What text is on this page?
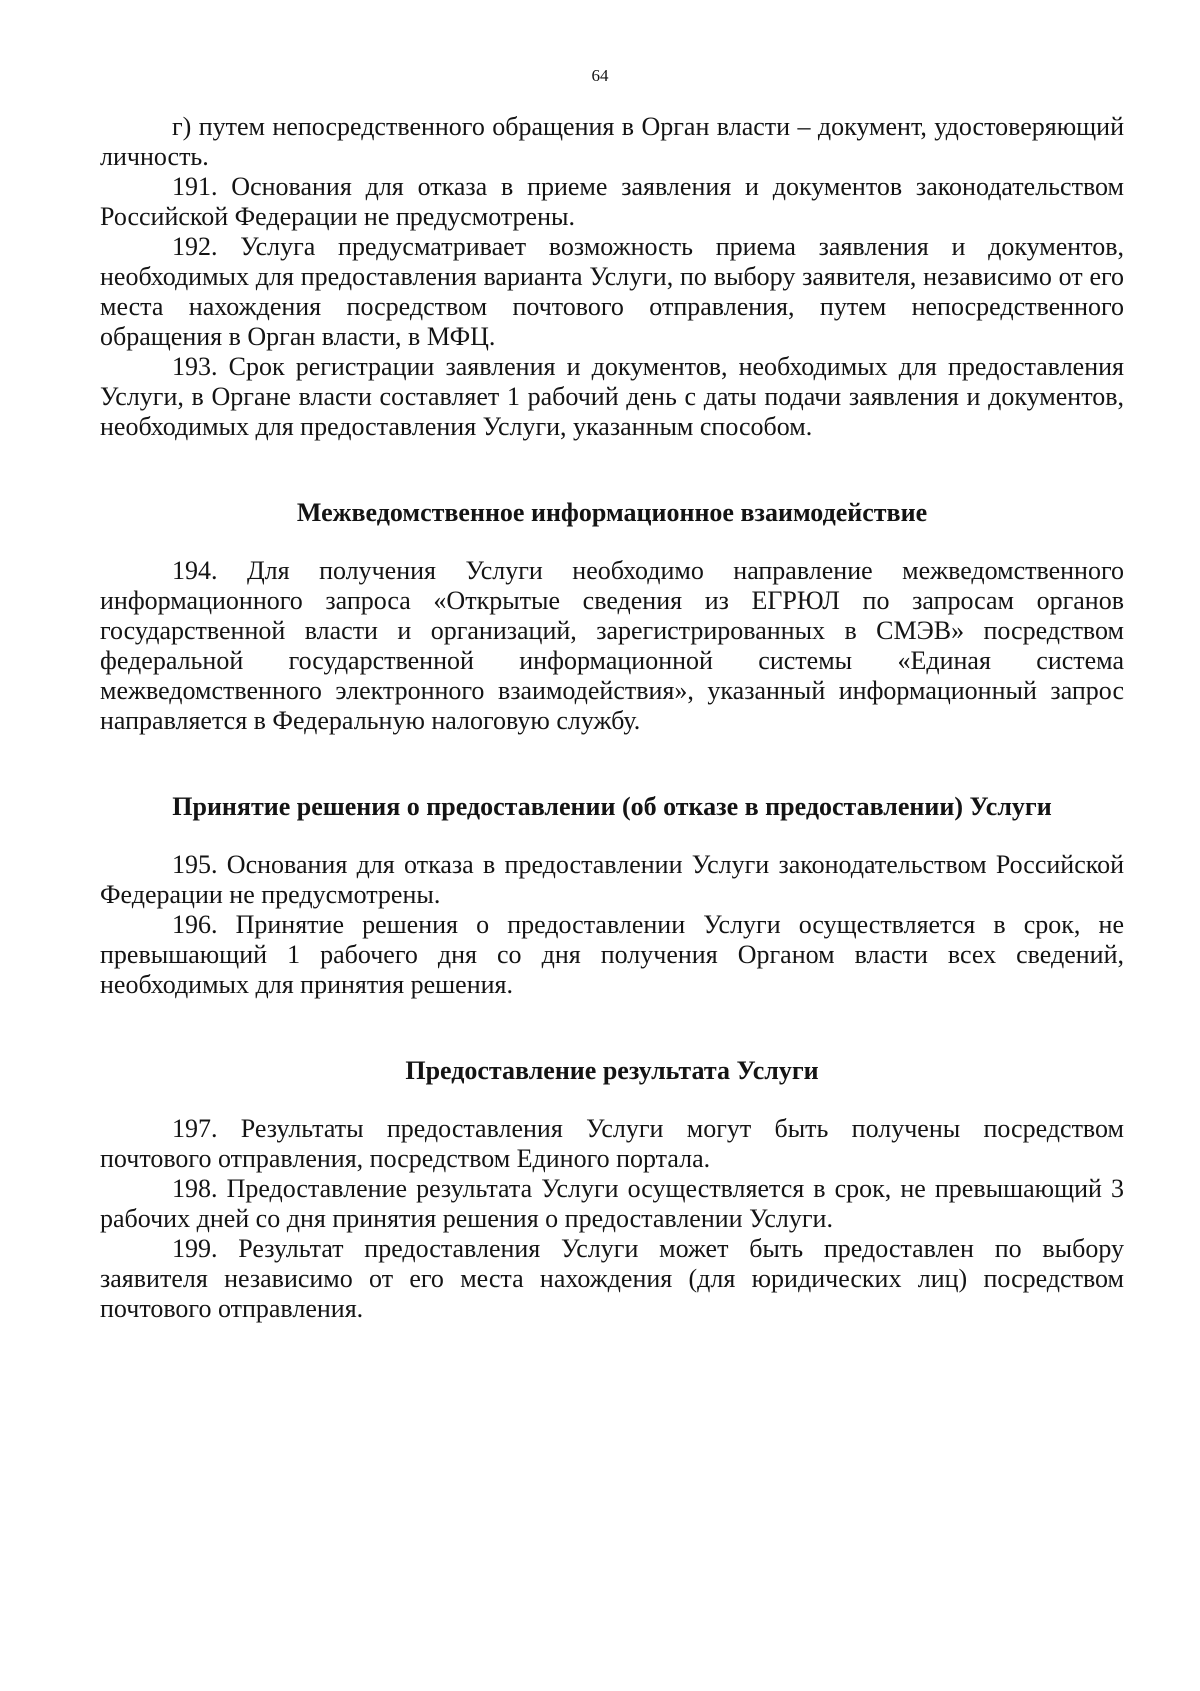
64

г) путем непосредственного обращения в Орган власти – документ, удостоверяющий личность.

191. Основания для отказа в приеме заявления и документов законодательством Российской Федерации не предусмотрены.

192. Услуга предусматривает возможность приема заявления и документов, необходимых для предоставления варианта Услуги, по выбору заявителя, независимо от его места нахождения посредством почтового отправления, путем непосредственного обращения в Орган власти, в МФЦ.

193. Срок регистрации заявления и документов, необходимых для предоставления Услуги, в Органе власти составляет 1 рабочий день с даты подачи заявления и документов, необходимых для предоставления Услуги, указанным способом.

Межведомственное информационное взаимодействие

194. Для получения Услуги необходимо направление межведомственного информационного запроса «Открытые сведения из ЕГРЮЛ по запросам органов государственной власти и организаций, зарегистрированных в СМЭВ» посредством федеральной государственной информационной системы «Единая система межведомственного электронного взаимодействия», указанный информационный запрос направляется в Федеральную налоговую службу.

Принятие решения о предоставлении (об отказе в предоставлении) Услуги

195. Основания для отказа в предоставлении Услуги законодательством Российской Федерации не предусмотрены.

196. Принятие решения о предоставлении Услуги осуществляется в срок, не превышающий 1 рабочего дня со дня получения Органом власти всех сведений, необходимых для принятия решения.

Предоставление результата Услуги

197. Результаты предоставления Услуги могут быть получены посредством почтового отправления, посредством Единого портала.

198. Предоставление результата Услуги осуществляется в срок, не превышающий 3 рабочих дней со дня принятия решения о предоставлении Услуги.

199. Результат предоставления Услуги может быть предоставлен по выбору заявителя независимо от его места нахождения (для юридических лиц) посредством почтового отправления.
